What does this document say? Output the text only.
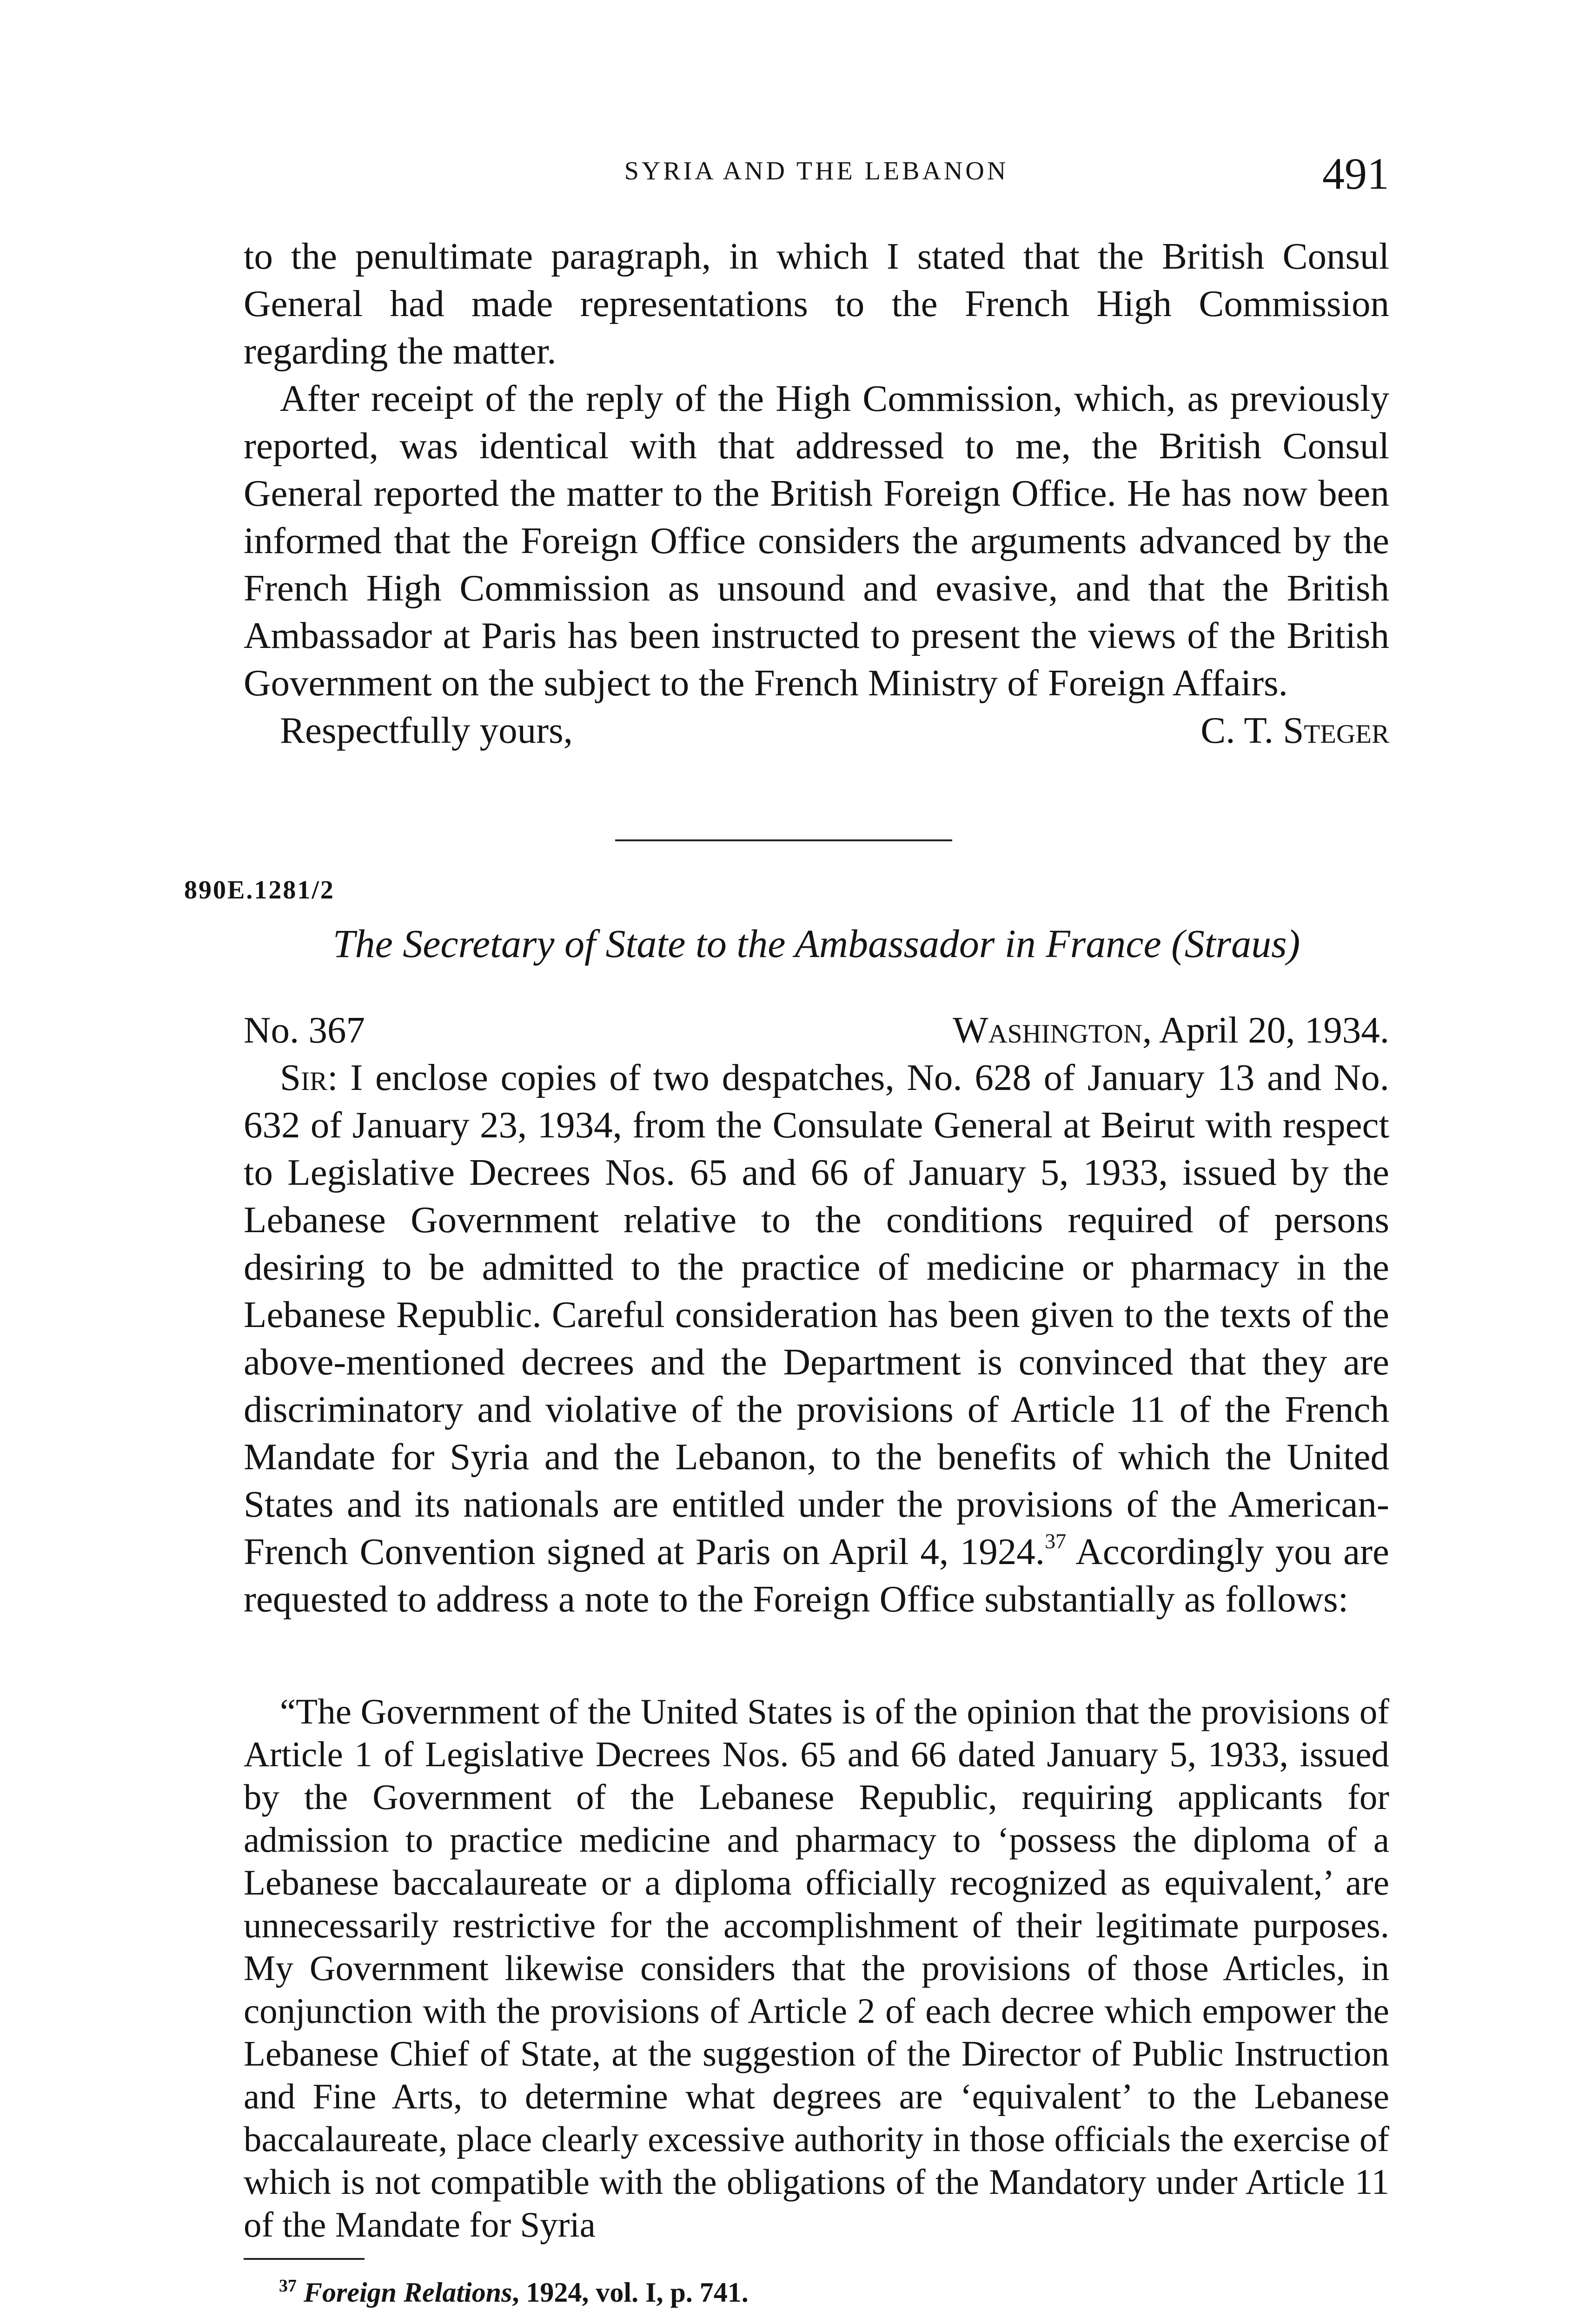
SYRIA AND THE LEBANON	491

to the penultimate paragraph, in which I stated that the British Consul General had made representations to the French High Commission regarding the matter.

After receipt of the reply of the High Commission, which, as previously reported, was identical with that addressed to me, the British Consul General reported the matter to the British Foreign Office. He has now been informed that the Foreign Office considers the arguments advanced by the French High Commission as unsound and evasive, and that the British Ambassador at Paris has been instructed to present the views of the British Government on the subject to the French Ministry of Foreign Affairs.

Respectfully yours,	C. T. Steger
890E.1281/2
The Secretary of State to the Ambassador in France (Straus)
No. 367	Washington, April 20, 1934.

Sir: I enclose copies of two despatches, No. 628 of January 13 and No. 632 of January 23, 1934, from the Consulate General at Beirut with respect to Legislative Decrees Nos. 65 and 66 of January 5, 1933, issued by the Lebanese Government relative to the conditions required of persons desiring to be admitted to the practice of medicine or pharmacy in the Lebanese Republic. Careful consideration has been given to the texts of the above-mentioned decrees and the Department is convinced that they are discriminatory and violative of the provisions of Article 11 of the French Mandate for Syria and the Lebanon, to the benefits of which the United States and its nationals are entitled under the provisions of the American-French Convention signed at Paris on April 4, 1924.37 Accordingly you are requested to address a note to the Foreign Office substantially as follows:

“The Government of the United States is of the opinion that the provisions of Article 1 of Legislative Decrees Nos. 65 and 66 dated January 5, 1933, issued by the Government of the Lebanese Republic, requiring applicants for admission to practice medicine and pharmacy to ‘possess the diploma of a Lebanese baccalaureate or a diploma officially recognized as equivalent,’ are unnecessarily restrictive for the accomplishment of their legitimate purposes. My Government likewise considers that the provisions of those Articles, in conjunction with the provisions of Article 2 of each decree which empower the Lebanese Chief of State, at the suggestion of the Director of Public Instruction and Fine Arts, to determine what degrees are ‘equivalent’ to the Lebanese baccalaureate, place clearly excessive authority in those officials the exercise of which is not compatible with the obligations of the Mandatory under Article 11 of the Mandate for Syria

$^{37}$ Foreign Relations, 1924, vol. I, p. 741.
